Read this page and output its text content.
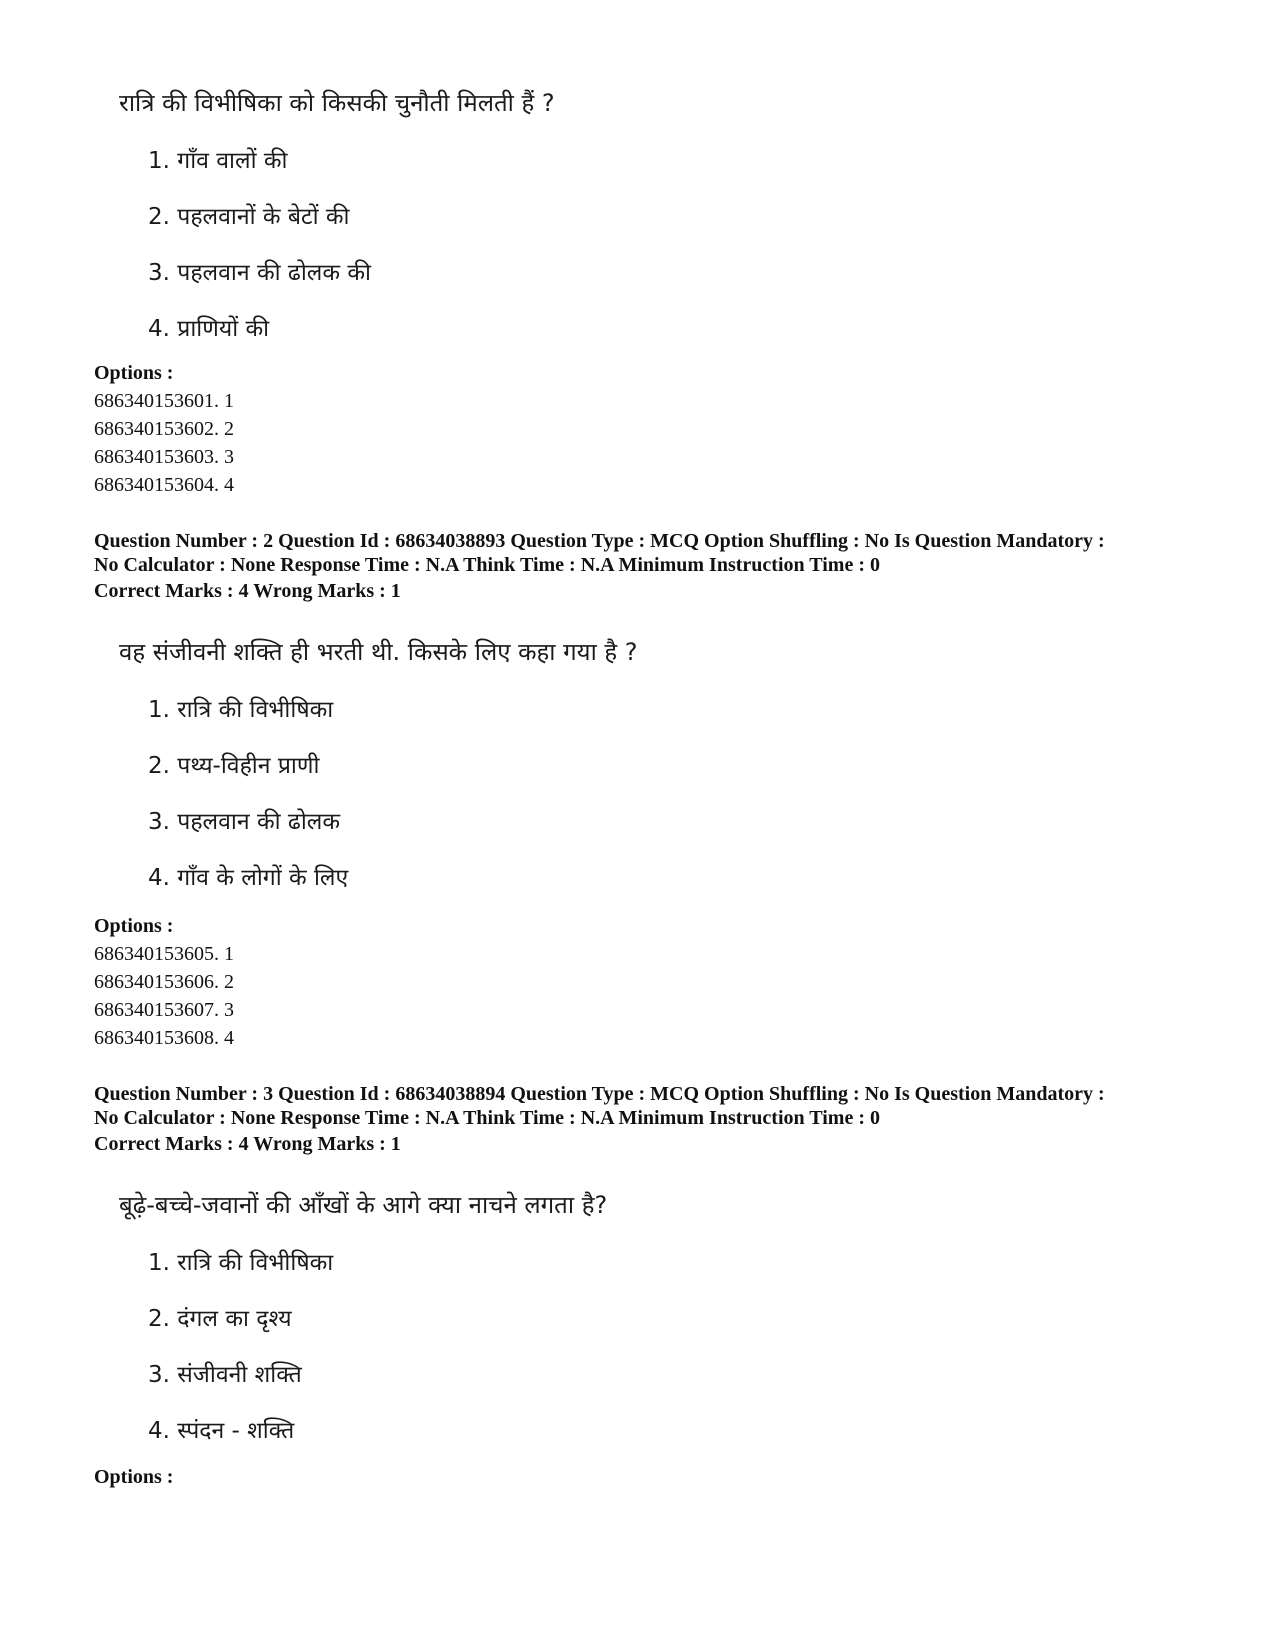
रात्रि की विभीषिका को किसकी चुनौती मिलती हैं ?
1. गाँव वालों की
2. पहलवानों के बेटों की
3. पहलवान की ढोलक की
4. प्राणियों की
Options :
686340153601. 1
686340153602. 2
686340153603. 3
686340153604. 4
Question Number : 2 Question Id : 68634038893 Question Type : MCQ Option Shuffling : No Is Question Mandatory :
No Calculator : None Response Time : N.A Think Time : N.A Minimum Instruction Time : 0
Correct Marks : 4 Wrong Marks : 1
वह संजीवनी शक्ति ही भरती थी. किसके लिए कहा गया है ?
1. रात्रि की विभीषिका
2. पथ्य-विहीन प्राणी
3. पहलवान की ढोलक
4. गाँव के लोगों के लिए
Options :
686340153605. 1
686340153606. 2
686340153607. 3
686340153608. 4
Question Number : 3 Question Id : 68634038894 Question Type : MCQ Option Shuffling : No Is Question Mandatory :
No Calculator : None Response Time : N.A Think Time : N.A Minimum Instruction Time : 0
Correct Marks : 4 Wrong Marks : 1
बूढ़े-बच्चे-जवानों की आँखों के आगे क्या नाचने लगता है?
1. रात्रि की विभीषिका
2. दंगल का दृश्य
3. संजीवनी शक्ति
4. स्पंदन - शक्ति
Options :
